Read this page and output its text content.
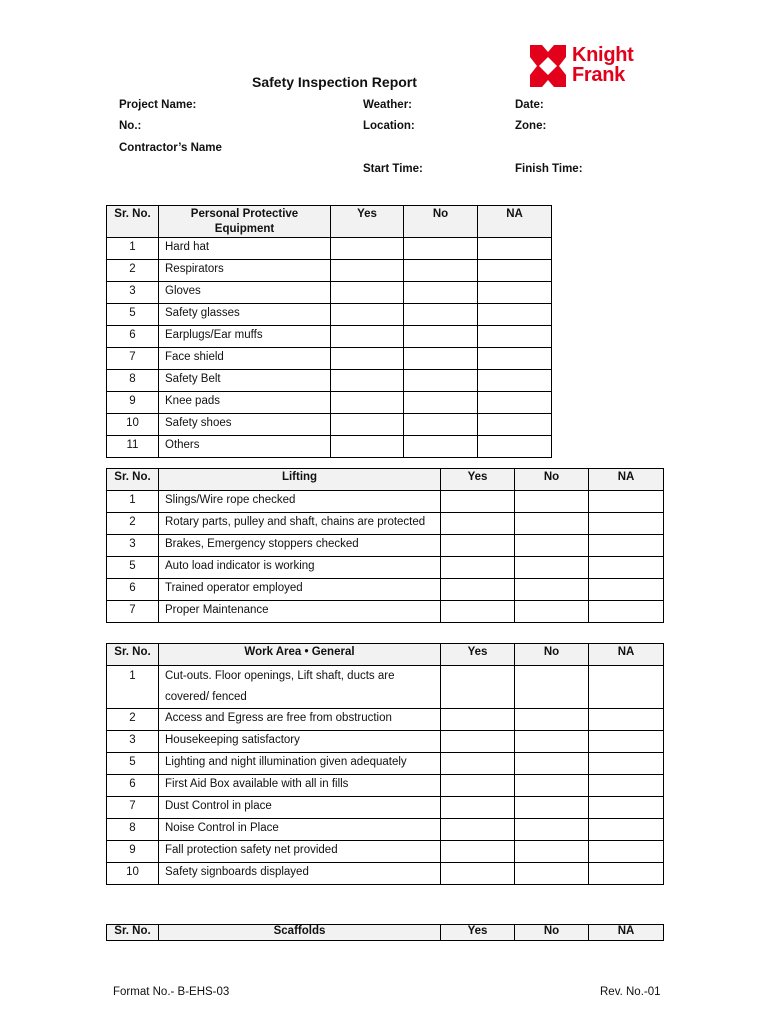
Knight
Frank
Safety Inspection Report
Project Name:	Weather:	Date:
No.:	Location:	Zone:
Contractor’s Name
Start Time:	Finish Time:
Sr. No.	Personal Protective Equipment	Yes	No	NA
1	Hard hat			
2	Respirators			
3	Gloves			
5	Safety glasses			
6	Earplugs/Ear muffs			
7	Face shield			
8	Safety Belt			
9	Knee pads			
10	Safety shoes			
11	Others			
Sr. No.	Lifting	Yes	No	NA
1	Slings/Wire rope checked			
2	Rotary parts, pulley and shaft, chains are protected			
3	Brakes, Emergency stoppers checked			
5	Auto load indicator is working			
6	Trained operator employed			
7	Proper Maintenance			
Sr. No.	Work Area • General	Yes	No	NA
1	Cut-outs. Floor openings, Lift shaft, ducts are covered/ fenced			
2	Access and Egress are free from obstruction			
3	Housekeeping satisfactory			
5	Lighting and night illumination given adequately			
6	First Aid Box available with all in fills			
7	Dust Control in place			
8	Noise Control in Place			
9	Fall protection safety net provided			
10	Safety signboards displayed			
Sr. No.	Scaffolds	Yes	No	NA
Format No.- B-EHS-03	Rev. No.-01
